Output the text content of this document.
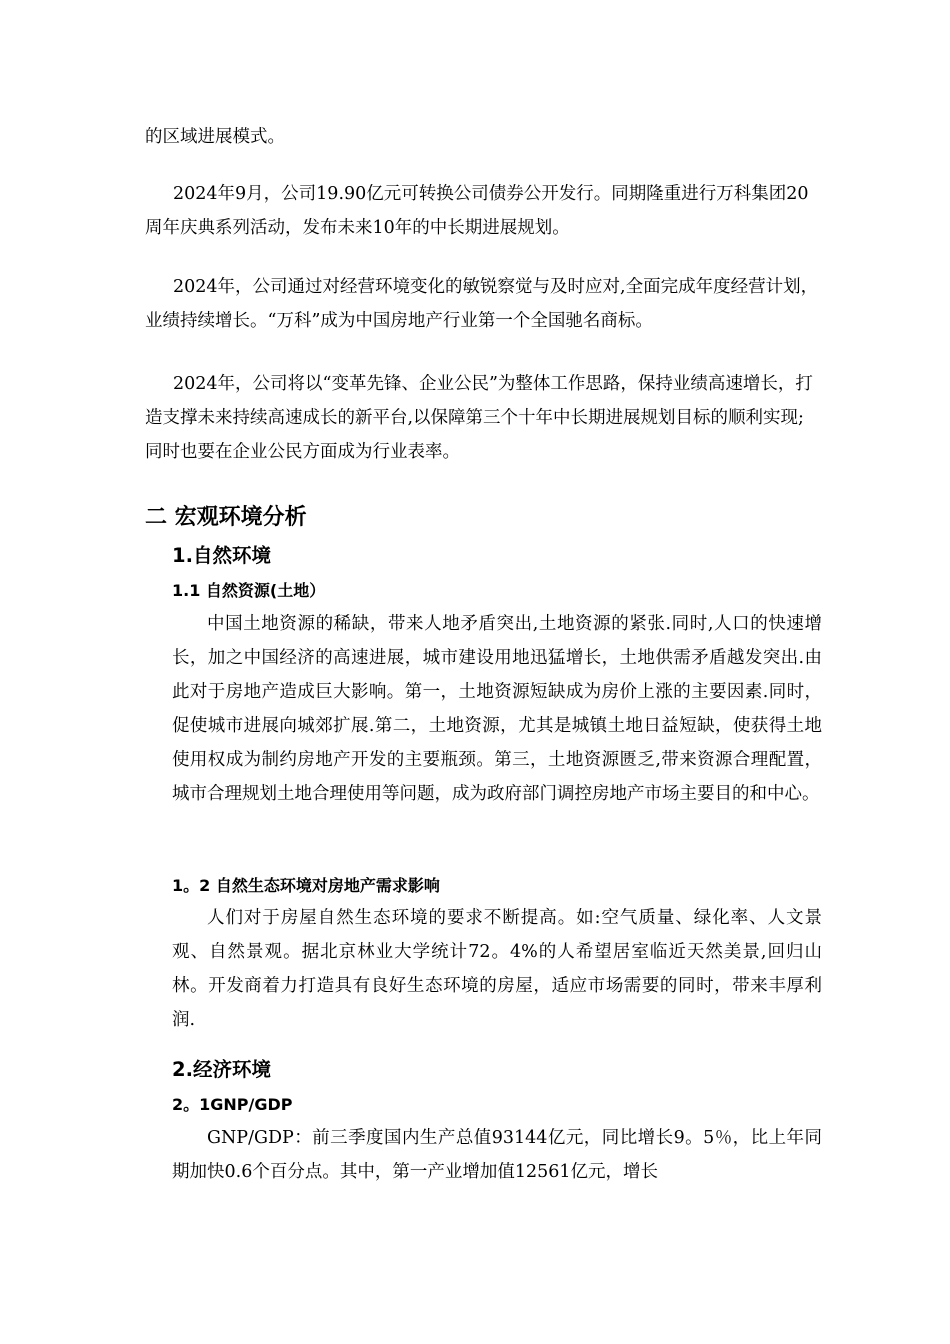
的区域进展模式。

2024年9月，公司19.90亿元可转换公司债券公开发行。同期隆重进行万科集团20周年庆典系列活动，发布未来10年的中长期进展规划。

2024年，公司通过对经营环境变化的敏锐察觉与及时应对,全面完成年度经营计划，业绩持续增长。“万科”成为中国房地产行业第一个全国驰名商标。

2024年，公司将以“变革先锋、企业公民”为整体工作思路，保持业绩高速增长，打造支撑未来持续高速成长的新平台,以保障第三个十年中长期进展规划目标的顺利实现;同时也要在企业公民方面成为行业表率。

二 宏观环境分析
1.自然环境
1.1 自然资源(土地）

中国土地资源的稀缺，带来人地矛盾突出,土地资源的紧张.同时,人口的快速增长，加之中国经济的高速进展，城市建设用地迅猛增长，土地供需矛盾越发突出.由此对于房地产造成巨大影响。第一，土地资源短缺成为房价上涨的主要因素.同时，促使城市进展向城郊扩展.第二，土地资源，尤其是城镇土地日益短缺，使获得土地使用权成为制约房地产开发的主要瓶颈。第三，土地资源匮乏,带来资源合理配置，城市合理规划土地合理使用等问题，成为政府部门调控房地产市场主要目的和中心。

1。2 自然生态环境对房地产需求影响

人们对于房屋自然生态环境的要求不断提高。如:空气质量、绿化率、人文景观、自然景观。据北京林业大学统计72。4%的人希望居室临近天然美景,回归山林。开发商着力打造具有良好生态环境的房屋，适应市场需要的同时，带来丰厚利润.

2.经济环境
2。1GNP/GDP

GNP/GDP：前三季度国内生产总值93144亿元，同比增长9。5％，比上年同期加快0.6个百分点。其中，第一产业增加值12561亿元，增长
